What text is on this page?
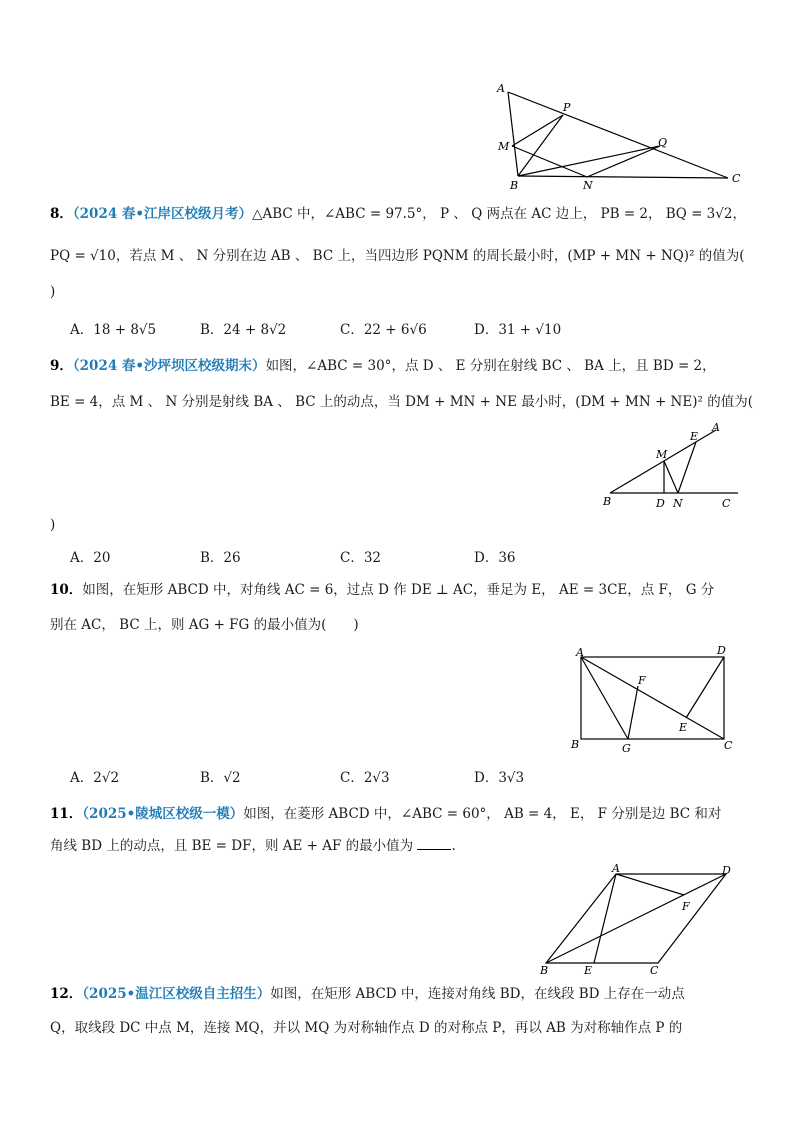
A
P
M	Q
B	N
C
8．（2024 春•江岸区校级月考）△ABC 中，∠ABC = 97.5°， P 、 Q 两点在 AC 边上， PB = 2， BQ = 3√2，
PQ = √10，若点 M 、 N 分别在边 AB 、 BC 上，当四边形 PQNM 的周长最小时，(MP + MN + NQ)² 的值为(
)
A．18 + 8√5	B．24 + 8√2	C．22 + 6√6	D．31 + √10
9．（2024 春•沙坪坝区校级期末）如图，∠ABC = 30°，点 D 、 E 分别在射线 BC 、 BA 上，且 BD = 2，
BE = 4，点 M 、 N 分别是射线 BA 、 BC 上的动点，当 DM + MN + NE 最小时，(DM + MN + NE)² 的值为(
A
E
M
B	D N	C
)
A．20	B．26	C．32	D．36
10．如图，在矩形 ABCD 中，对角线 AC = 6，过点 D 作 DE ⊥ AC，垂足为 E， AE = 3CE，点 F， G 分
别在 AC， BC 上，则 AG + FG 的最小值为(　　)
A	D
F
E
B	G	C
A．2√2	B．√2	C．2√3	D．3√3
11．（2025•陵城区校级一模）如图，在菱形 ABCD 中，∠ABC = 60°， AB = 4， E， F 分别是边 BC 和对
角线 BD 上的动点，且 BE = DF，则 AE + AF 的最小值为	.
A	D
F
B	E	C
12．（2025•温江区校级自主招生）如图，在矩形 ABCD 中，连接对角线 BD，在线段 BD 上存在一动点
Q，取线段 DC 中点 M，连接 MQ，并以 MQ 为对称轴作点 D 的对称点 P，再以 AB 为对称轴作点 P 的
